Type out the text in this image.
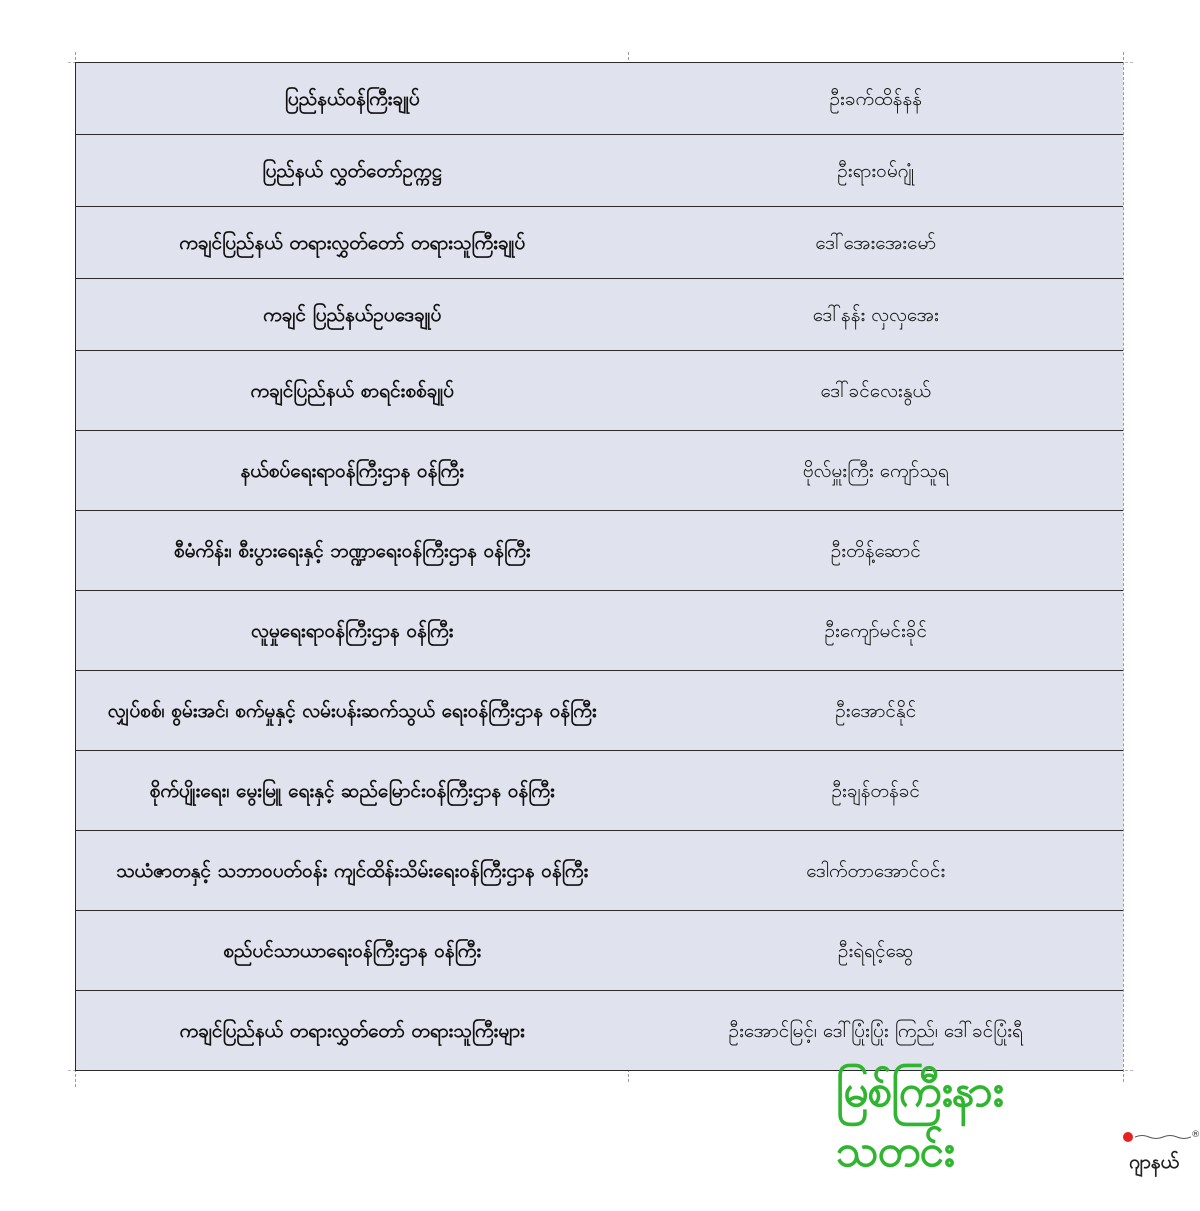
ပြည်နယ်ဝန်ကြီးချုပ်	ဦးခက်ထိန်နန်
ပြည်နယ် လွှတ်တော်ဥက္ကဋ္ဌ	ဦးရားဝမ်ဂျုံ
ကချင်ပြည်နယ် တရားလွှတ်တော် တရားသူကြီးချုပ်	ဒေါ်အေးအေးမော်
ကချင် ပြည်နယ်ဥပဒေချုပ်	ဒေါ်နန်း လှလှအေး
ကချင်ပြည်နယ် စာရင်းစစ်ချုပ်	ဒေါ်ခင်လေးနွယ်
နယ်စပ်ရေးရာဝန်ကြီးဌာန ဝန်ကြီး	ဗိုလ်မှူးကြီး ကျော်သူရ
စီမံကိန်း၊ စီးပွားရေးနှင့် ဘဏ္ဍာရေးဝန်ကြီးဌာန ဝန်ကြီး	ဦးတိန့်ဆောင်
လူမှုရေးရာဝန်ကြီးဌာန ဝန်ကြီး	ဦးကျော်မင်းခိုင်
လျှပ်စစ်၊ စွမ်းအင်၊ စက်မှုနှင့် လမ်းပန်းဆက်သွယ် ရေးဝန်ကြီးဌာန ဝန်ကြီး	ဦးအောင်နိုင်
စိုက်ပျိုးရေး၊ မွေးမြူ ရေးနှင့် ဆည်မြောင်းဝန်ကြီးဌာန ဝန်ကြီး	ဦးချန်တန်ခင်
သယံဇာတနှင့် သဘာဝပတ်ဝန်း ကျင်ထိန်းသိမ်းရေးဝန်ကြီးဌာန ဝန်ကြီး	ဒေါက်တာအောင်ဝင်း
စည်ပင်သာယာရေးဝန်ကြီးဌာန ဝန်ကြီး	ဦးရဲရင့်ဆွေ
ကချင်ပြည်နယ် တရားလွှတ်တော် တရားသူကြီးများ	ဦးအောင်မြင့်၊ ဒေါ်ပြုံးပြုံး ကြည်၊ ဒေါ်ခင်ပြုံးရီ
မြစ်ကြီးနားသတင်း	®
ဂျာနယ်
